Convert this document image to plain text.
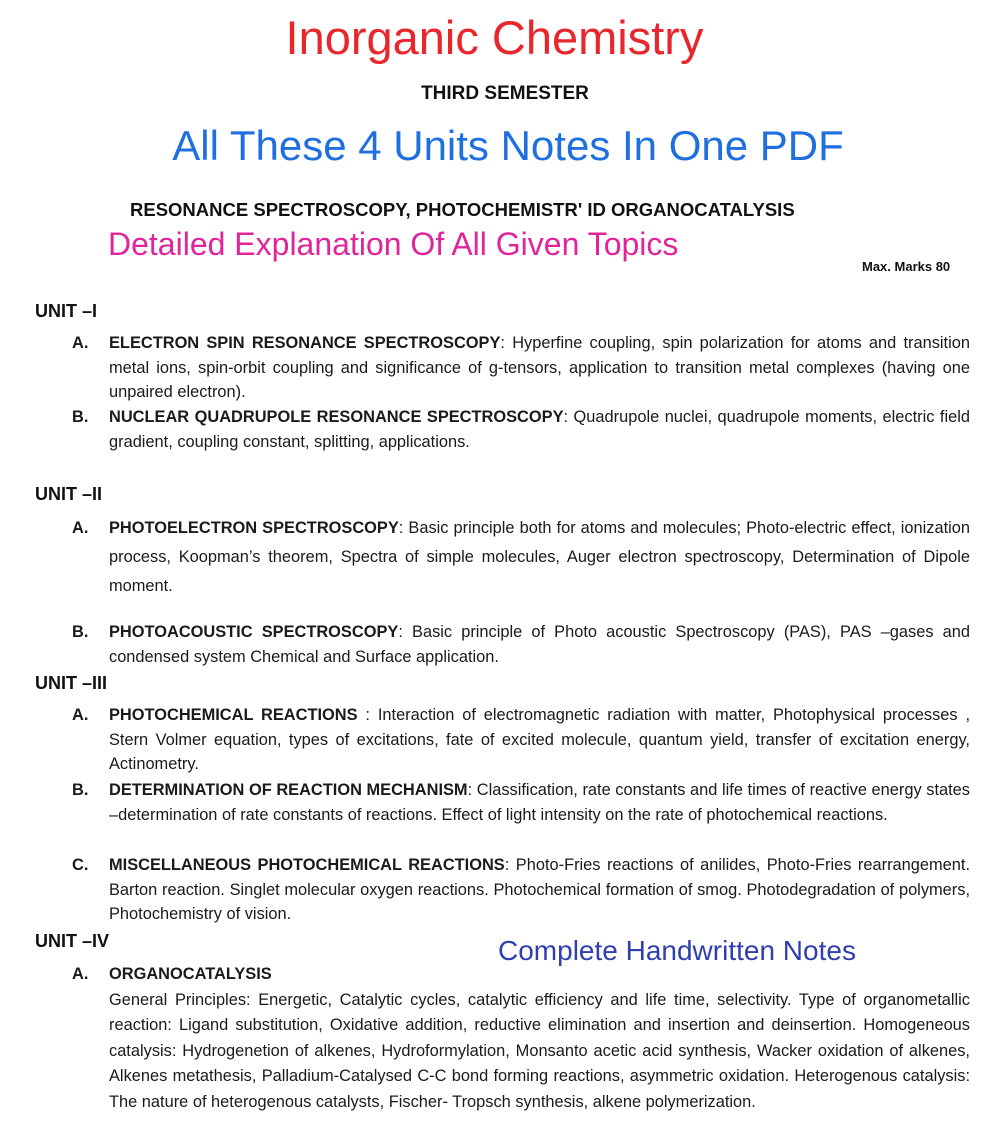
Inorganic Chemistry
THIRD SEMESTER
All These 4 Units Notes In One PDF
RESONANCE SPECTROSCOPY, PHOTOCHEMISTR' ID ORGANOCATALYSIS
Detailed Explanation Of All Given Topics
Max. Marks 80
UNIT –I
A. ELECTRON SPIN RESONANCE SPECTROSCOPY: Hyperfine coupling, spin polarization for atoms and transition metal ions, spin-orbit coupling and significance of g-tensors, application to transition metal complexes (having one unpaired electron).
B. NUCLEAR QUADRUPOLE RESONANCE SPECTROSCOPY: Quadrupole nuclei, quadrupole moments, electric field gradient, coupling constant, splitting, applications.
UNIT –II
A. PHOTOELECTRON SPECTROSCOPY: Basic principle both for atoms and molecules; Photo-electric effect, ionization process, Koopman’s theorem, Spectra of simple molecules, Auger electron spectroscopy, Determination of Dipole moment.
B. PHOTOACOUSTIC SPECTROSCOPY: Basic principle of Photo acoustic Spectroscopy (PAS), PAS –gases and condensed system Chemical and Surface application.
UNIT –III
A. PHOTOCHEMICAL REACTIONS : Interaction of electromagnetic radiation with matter, Photophysical processes , Stern Volmer equation, types of excitations, fate of excited molecule, quantum yield, transfer of excitation energy, Actinometry.
B. DETERMINATION OF REACTION MECHANISM: Classification, rate constants and life times of reactive energy states –determination of rate constants of reactions. Effect of light intensity on the rate of photochemical reactions.
C. MISCELLANEOUS PHOTOCHEMICAL REACTIONS: Photo-Fries reactions of anilides, Photo-Fries rearrangement. Barton reaction. Singlet molecular oxygen reactions. Photochemical formation of smog. Photodegradation of polymers, Photochemistry of vision.
UNIT –IV	Complete Handwritten Notes
A. ORGANOCATALYSIS
General Principles: Energetic, Catalytic cycles, catalytic efficiency and life time, selectivity. Type of organometallic reaction: Ligand substitution, Oxidative addition, reductive elimination and insertion and deinsertion. Homogeneous catalysis: Hydrogenetion of alkenes, Hydroformylation, Monsanto acetic acid synthesis, Wacker oxidation of alkenes, Alkenes metathesis, Palladium-Catalysed C-C bond forming reactions, asymmetric oxidation. Heterogenous catalysis: The nature of heterogenous catalysts, Fischer- Tropsch synthesis, alkene polymerization.
